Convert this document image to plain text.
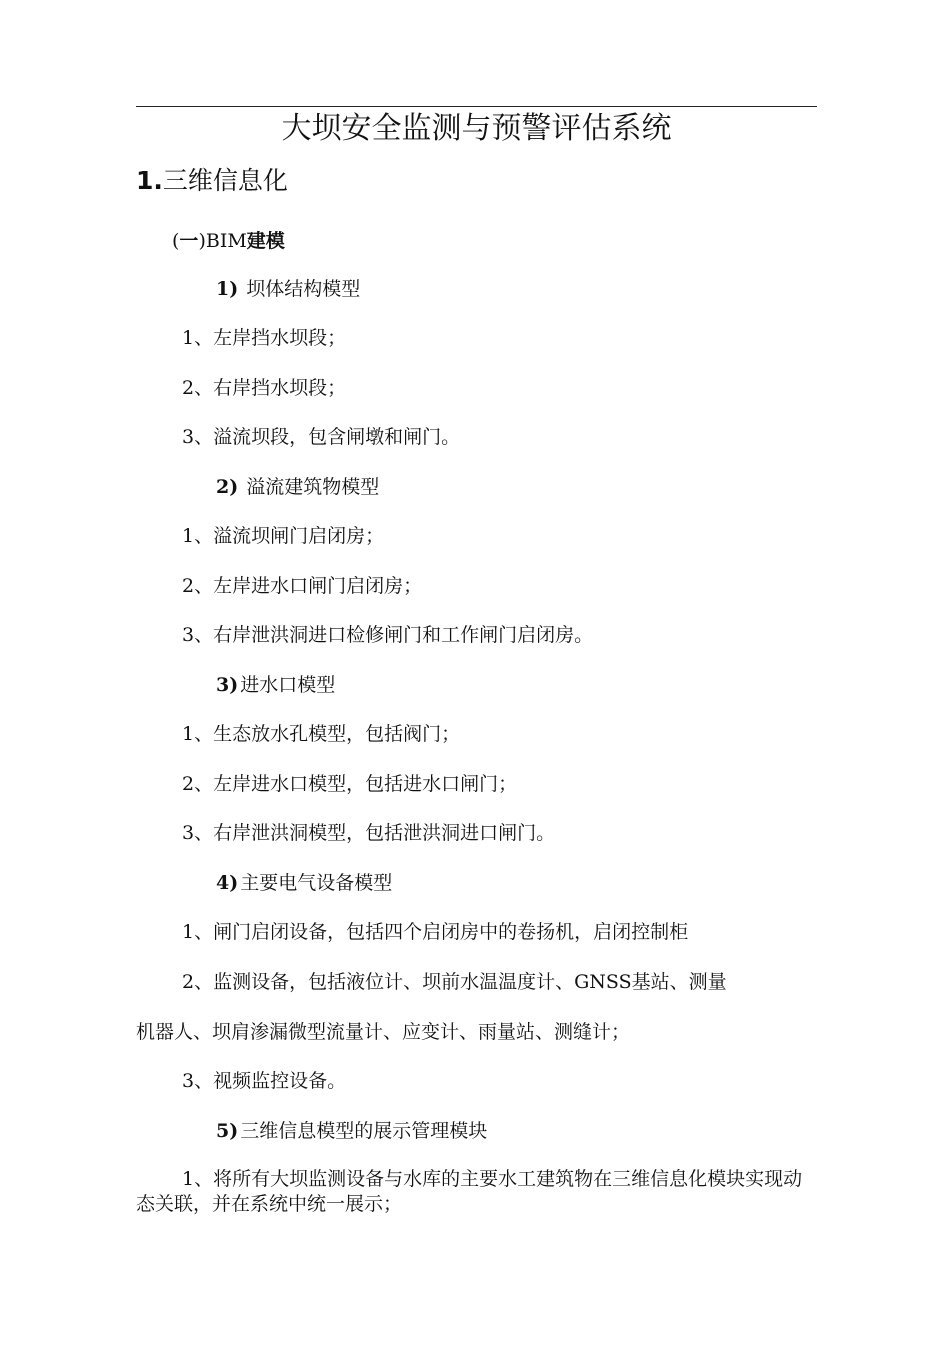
大坝安全监测与预警评估系统
1.三维信息化
(一)BIM建模
1) 坝体结构模型
1、左岸挡水坝段；
2、右岸挡水坝段；
3、溢流坝段，包含闸墩和闸门。
2) 溢流建筑物模型
1、溢流坝闸门启闭房；
2、左岸进水口闸门启闭房；
3、右岸泄洪洞进口检修闸门和工作闸门启闭房。
3) 进水口模型
1、生态放水孔模型，包括阀门；
2、左岸进水口模型，包括进水口闸门；
3、右岸泄洪洞模型，包括泄洪洞进口闸门。
4) 主要电气设备模型
1、闸门启闭设备，包括四个启闭房中的卷扬机，启闭控制柜
2、监测设备，包括液位计、坝前水温温度计、GNSS基站、测量
机器人、坝肩渗漏微型流量计、应变计、雨量站、测缝计；
3、视频监控设备。
5) 三维信息模型的展示管理模块
1、将所有大坝监测设备与水库的主要水工建筑物在三维信息化模块实现动态关联，并在系统中统一展示；
